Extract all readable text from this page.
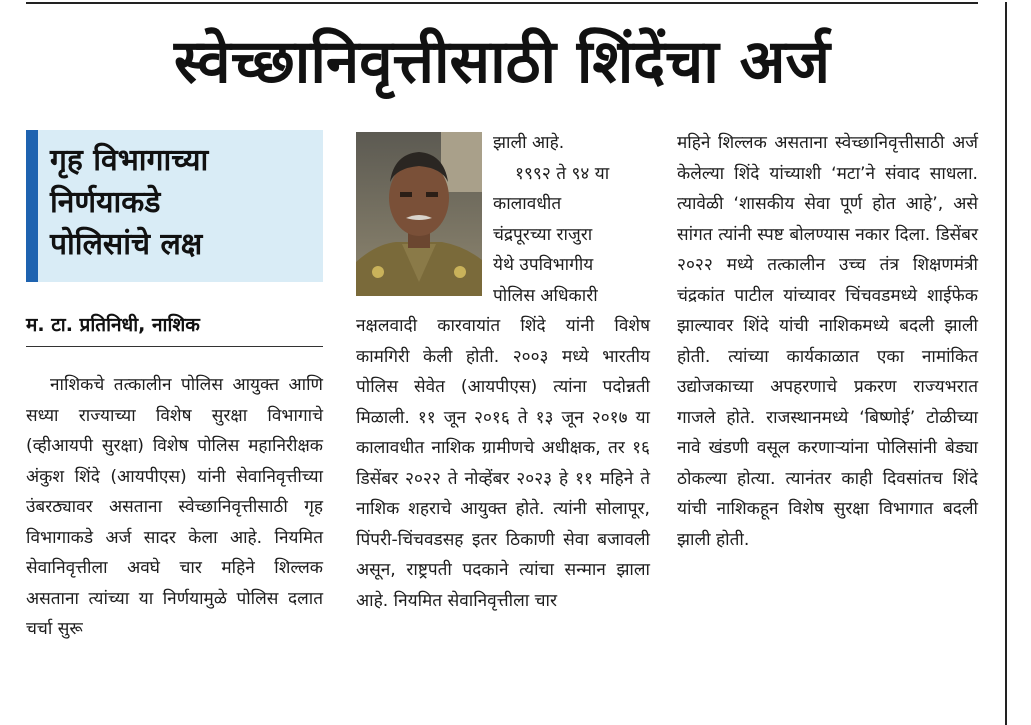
स्वेच्छानिवृत्तीसाठी शिंदेंचा अर्ज
गृह विभागाच्या
निर्णयाकडे
पोलिसांचे लक्ष
म. टा. प्रतिनिधी, नाशिक

नाशिकचे तत्कालीन पोलिस आयुक्त आणि सध्या राज्याच्या विशेष सुरक्षा विभागाचे (व्हीआयपी सुरक्षा) विशेष पोलिस महानिरीक्षक अंकुश शिंदे (आयपीएस) यांनी सेवानिवृत्तीच्या उंबरठ्यावर असताना स्वेच्छानिवृत्तीसाठी गृह विभागाकडे अर्ज सादर केला आहे. नियमित सेवानिवृत्तीला अवघे चार महिने शिल्लक असताना त्यांच्या या निर्णयामुळे पोलिस दलात चर्चा सुरू

झाली आहे.
१९९२ ते ९४ या
कालावधीत
चंद्रपूरच्या राजुरा
येथे उपविभागीय
पोलिस अधिकारी

नक्षलवादी कारवायांत शिंदे यांनी विशेष कामगिरी केली होती. २००३ मध्ये भारतीय पोलिस सेवेत (आयपीएस) त्यांना पदोन्नती मिळाली. ११ जून २०१६ ते १३ जून २०१७ या कालावधीत नाशिक ग्रामीणचे अधीक्षक, तर १६ डिसेंबर २०२२ ते नोव्हेंबर २०२३ हे ११ महिने ते नाशिक शहराचे आयुक्त होते. त्यांनी सोलापूर, पिंपरी-चिंचवडसह इतर ठिकाणी सेवा बजावली असून, राष्ट्रपती पदकाने त्यांचा सन्मान झाला आहे. नियमित सेवानिवृत्तीला चार

महिने शिल्लक असताना स्वेच्छानिवृत्तीसाठी अर्ज केलेल्या शिंदे यांच्याशी ‘मटा’ने संवाद साधला. त्यावेळी ‘शासकीय सेवा पूर्ण होत आहे’, असे सांगत त्यांनी स्पष्ट बोलण्यास नकार दिला. डिसेंबर २०२२ मध्ये तत्कालीन उच्च तंत्र शिक्षणमंत्री चंद्रकांत पाटील यांच्यावर चिंचवडमध्ये शाईफेक झाल्यावर शिंदे यांची नाशिकमध्ये बदली झाली होती. त्यांच्या कार्यकाळात एका नामांकित उद्योजकाच्या अपहरणाचे प्रकरण राज्यभरात गाजले होते. राजस्थानमध्ये ‘बिष्णोई’ टोळीच्या नावे खंडणी वसूल करणाऱ्यांना पोलिसांनी बेड्या ठोकल्या होत्या. त्यानंतर काही दिवसांतच शिंदे यांची नाशिकहून विशेष सुरक्षा विभागात बदली झाली होती.
